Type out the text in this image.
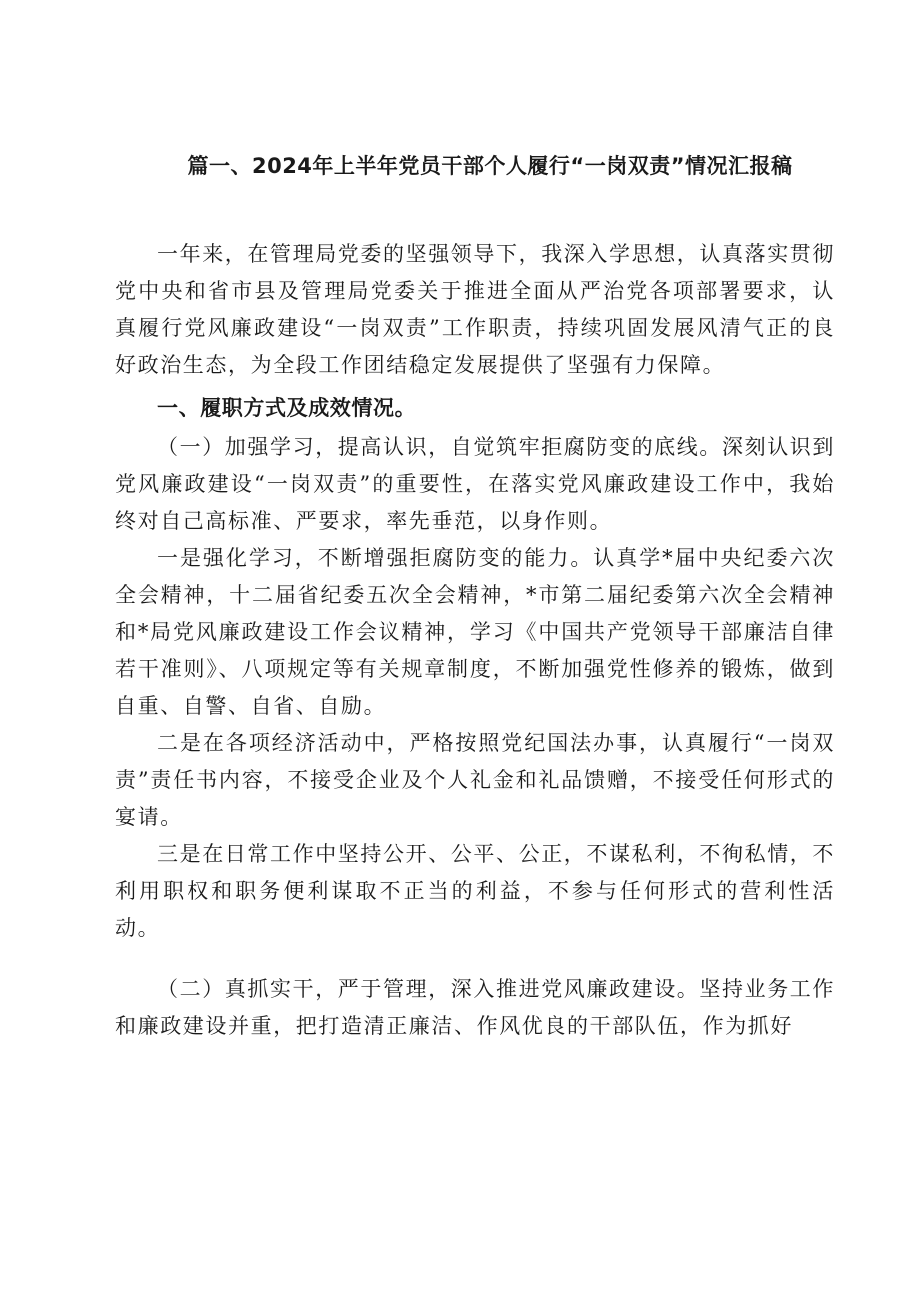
篇一、2024年上半年党员干部个人履行“一岗双责”情况汇报稿

一年来，在管理局党委的坚强领导下，我深入学思想，认真落实贯彻党中央和省市县及管理局党委关于推进全面从严治党各项部署要求，认真履行党风廉政建设“一岗双责”工作职责，持续巩固发展风清气正的良好政治生态，为全段工作团结稳定发展提供了坚强有力保障。

一、履职方式及成效情况。

（一）加强学习，提高认识，自觉筑牢拒腐防变的底线。深刻认识到党风廉政建设“一岗双责”的重要性，在落实党风廉政建设工作中，我始终对自己高标准、严要求，率先垂范，以身作则。

一是强化学习，不断增强拒腐防变的能力。认真学*届中央纪委六次全会精神，十二届省纪委五次全会精神，*市第二届纪委第六次全会精神和*局党风廉政建设工作会议精神，学习《中国共产党领导干部廉洁自律若干准则》、八项规定等有关规章制度，不断加强党性修养的锻炼，做到自重、自警、自省、自励。

二是在各项经济活动中，严格按照党纪国法办事，认真履行“一岗双责”责任书内容，不接受企业及个人礼金和礼品馈赠，不接受任何形式的宴请。

三是在日常工作中坚持公开、公平、公正，不谋私利，不徇私情，不利用职权和职务便利谋取不正当的利益，不参与任何形式的营利性活动。

（二）真抓实干，严于管理，深入推进党风廉政建设。坚持业务工作和廉政建设并重，把打造清正廉洁、作风优良的干部队伍，作为抓好
